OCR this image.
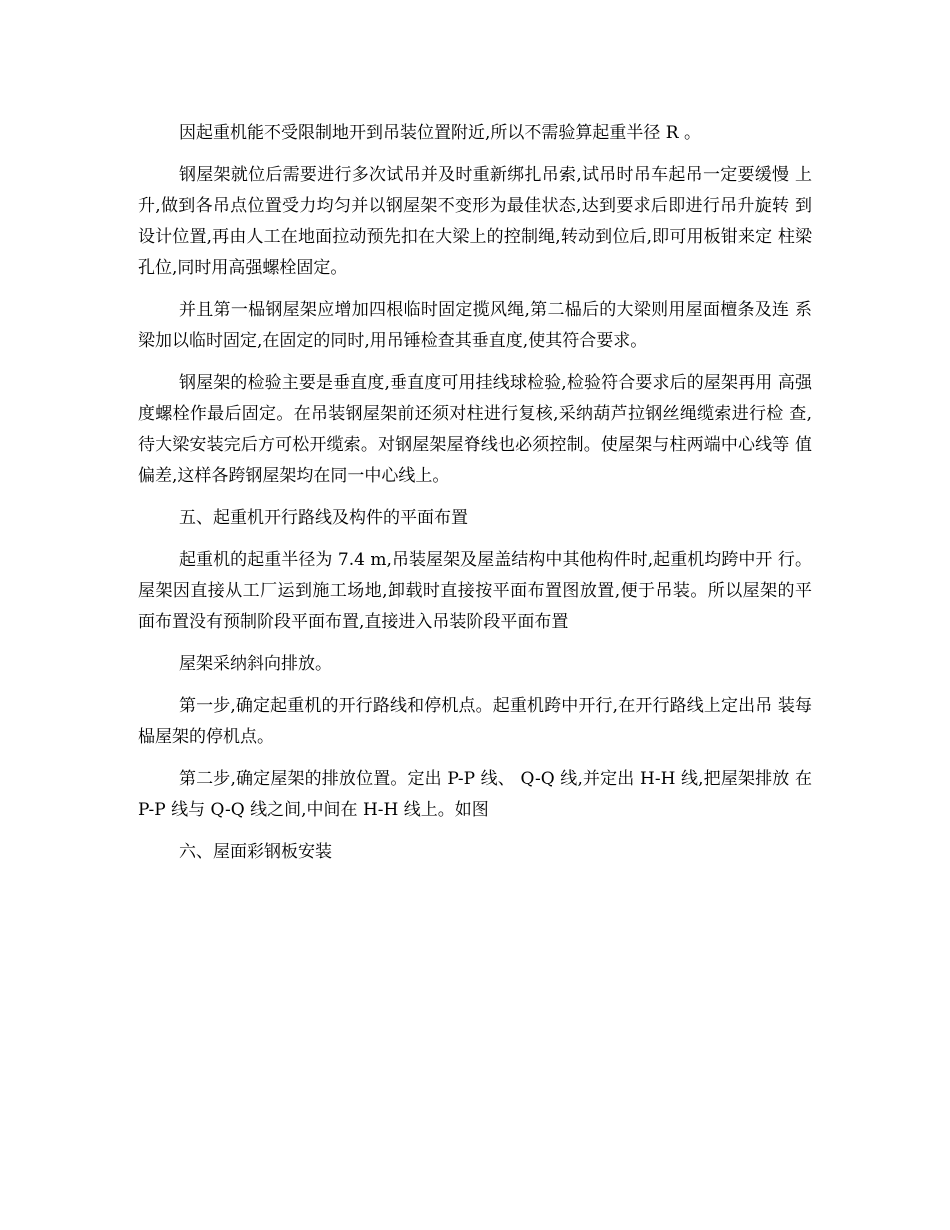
因起重机能不受限制地开到吊装位置附近,所以不需验算起重半径 R 。

钢屋架就位后需要进行多次试吊并及时重新绑扎吊索,试吊时吊车起吊一定要缓慢 上升,做到各吊点位置受力均匀并以钢屋架不变形为最佳状态,达到要求后即进行吊升旋转 到设计位置,再由人工在地面拉动预先扣在大梁上的控制绳,转动到位后,即可用板钳来定 柱梁孔位,同时用高强螺栓固定。

并且第一榀钢屋架应增加四根临时固定揽风绳,第二榀后的大梁则用屋面檀条及连 系梁加以临时固定,在固定的同时,用吊锤检查其垂直度,使其符合要求。

钢屋架的检验主要是垂直度,垂直度可用挂线球检验,检验符合要求后的屋架再用 高强度螺栓作最后固定。在吊装钢屋架前还须对柱进行复核,采纳葫芦拉钢丝绳缆索进行检 查,待大梁安装完后方可松开缆索。对钢屋架屋脊线也必须控制。使屋架与柱两端中心线等 值偏差,这样各跨钢屋架均在同一中心线上。

五、起重机开行路线及构件的平面布置

起重机的起重半径为 7.4 m,吊装屋架及屋盖结构中其他构件时,起重机均跨中开 行。屋架因直接从工厂运到施工场地,卸载时直接按平面布置图放置,便于吊装。所以屋架的平 面布置没有预制阶段平面布置,直接进入吊装阶段平面布置

屋架采纳斜向排放。

第一步,确定起重机的开行路线和停机点。起重机跨中开行,在开行路线上定出吊 装每榀屋架的停机点。

第二步,确定屋架的排放位置。定出 P-P 线、 Q-Q 线,并定出 H-H 线,把屋架排放 在 P-P 线与 Q-Q 线之间,中间在 H-H 线上。如图

六、屋面彩钢板安装
